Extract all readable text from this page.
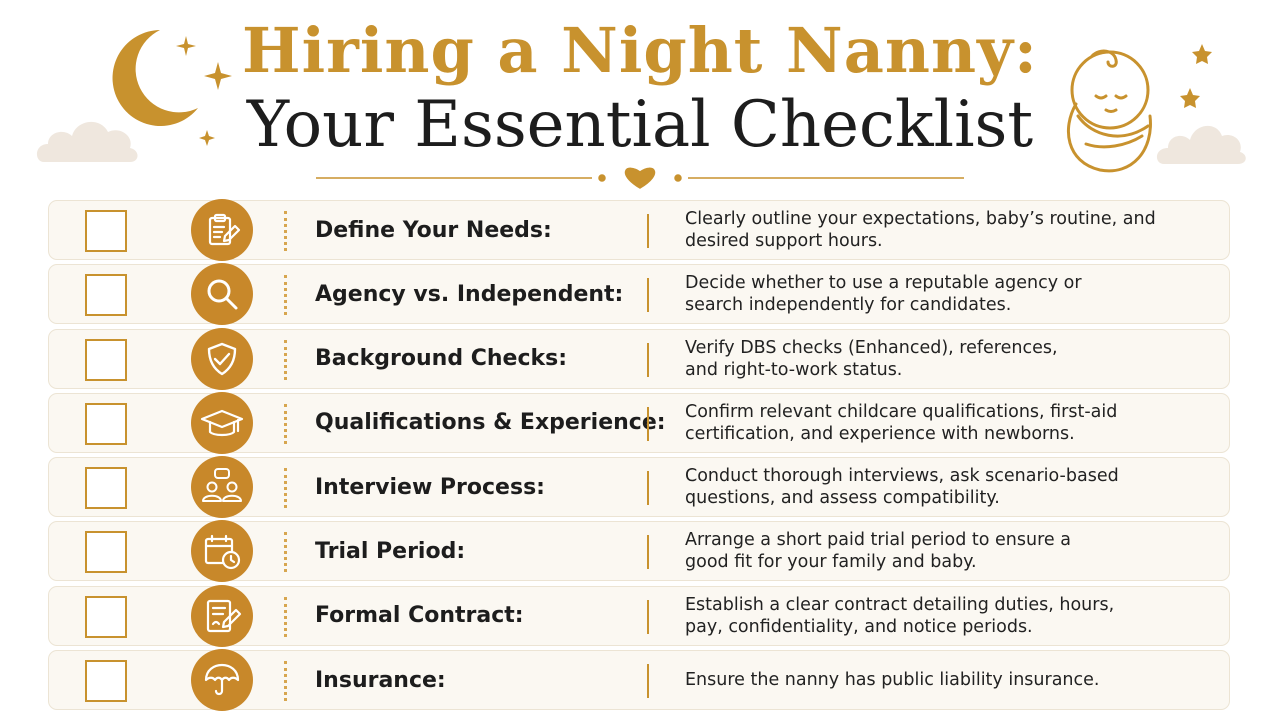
Hiring a Night Nanny:
Your Essential Checklist
Define Your Needs:	Clearly outline your expectations, baby’s routine, and
desired support hours.
Agency vs. Independent:	Decide whether to use a reputable agency or
search independently for candidates.
Background Checks:	Verify DBS checks (Enhanced), references,
and right-to-work status.
Qualifications & Experience: Confirm relevant childcare qualifications, first-aid
certification, and experience with newborns.
Interview Process:	Conduct thorough interviews, ask scenario-based
questions, and assess compatibility.
Trial Period:	Arrange a short paid trial period to ensure a
good fit for your family and baby.
Formal Contract:	Establish a clear contract detailing duties, hours,
pay, confidentiality, and notice periods.
Insurance:	Ensure the nanny has public liability insurance.
